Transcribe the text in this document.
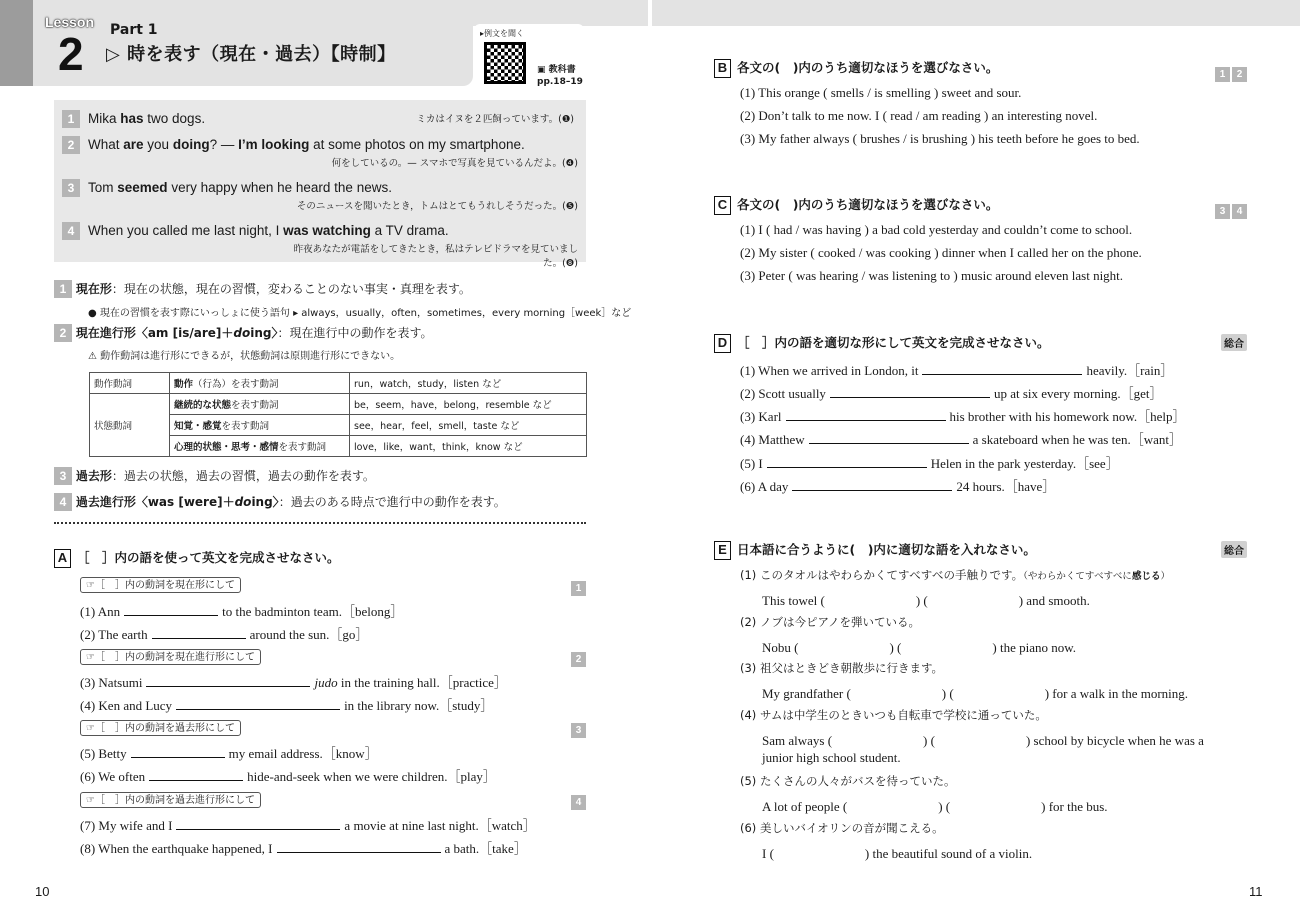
Lesson
2 Part 1
▷ 時を表す（現在・過去）【時制】
▸例文を聞く
▣ 教科書
pp.18–19
1 Mika has two dogs.	ミカはイヌを２匹飼っています。(❶)
2 What are you doing? — I’m looking at some photos on my smartphone.
何をしているの。— スマホで写真を見ているんだよ。(❹)
3 Tom seemed very happy when he heard the news.
そのニュースを聞いたとき，トムはとてもうれしそうだった。(❺)
4 When you called me last night, I was watching a TV drama.
昨夜あなたが電話をしてきたとき，私はテレビドラマを見ていました。(❽)
1 現在形：現在の状態，現在の習慣，変わることのない事実・真理を表す。
● 現在の習慣を表す際にいっしょに使う語句 ▸ always，usually，often，sometimes，every morning［week］など
2 現在進行形〈am [is/are]＋doing〉：現在進行中の動作を表す。
⚠ 動作動詞は進行形にできるが，状態動詞は原則進行形にできない。
動作動詞	動作（行為）を表す動詞	run，watch，study，listen など
状態動詞	継続的な状態を表す動詞	be，seem，have，belong，resemble など
	知覚・感覚を表す動詞	see，hear，feel，smell，taste など
	心理的状態・思考・感情を表す動詞	love，like，want，think，know など
3 過去形：過去の状態，過去の習慣，過去の動作を表す。
4 過去進行形〈was [were]＋doing〉：過去のある時点で進行中の動作を表す。
A ［　］内の語を使って英文を完成させなさい。
☞［　］内の動詞を現在形にして	1
(1) Ann	to the badminton team.［belong］
(2) The earth	around the sun.［go］
☞［　］内の動詞を現在進行形にして	2
(3) Natsumi	judo in the training hall.［practice］
(4) Ken and Lucy	in the library now.［study］
☞［　］内の動詞を過去形にして	3
(5) Betty	my email address.［know］
(6) We often	hide-and-seek when we were children.［play］
☞［　］内の動詞を過去進行形にして	4
(7) My wife and I	a movie at nine last night.［watch］
(8) When the earthquake happened, I	a bath.［take］
B 各文の(　)内のうち適切なほうを選びなさい。	1 2
(1) This orange ( smells / is smelling ) sweet and sour.
(2) Don’t talk to me now. I ( read / am reading ) an interesting novel.
(3) My father always ( brushes / is brushing ) his teeth before he goes to bed.
C 各文の(　)内のうち適切なほうを選びなさい。	3 4
(1) I ( had / was having ) a bad cold yesterday and couldn’t come to school.
(2) My sister ( cooked / was cooking ) dinner when I called her on the phone.
(3) Peter ( was hearing / was listening to ) music around eleven last night.
D ［　］内の語を適切な形にして英文を完成させなさい。	総合
(1) When we arrived in London, it	heavily.［rain］
(2) Scott usually	up at six every morning.［get］
(3) Karl	his brother with his homework now.［help］
(4) Matthew	a skateboard when he was ten.［want］
(5) I	Helen in the park yesterday.［see］
(6) A day	24 hours.［have］
E 日本語に合うように(　)内に適切な語を入れなさい。	総合
(1) このタオルはやわらかくてすべすべの手触りです。（やわらかくてすべすべに感じる）
This towel (　　　　　　　) (　　　　　　　) and smooth.
(2) ノブは今ピアノを弾いている。
Nobu (　　　　　　　) (　　　　　　　) the piano now.
(3) 祖父はときどき朝散歩に行きます。
My grandfather (　　　　　　　) (　　　　　　　) for a walk in the morning.
(4) サムは中学生のときいつも自転車で学校に通っていた。
Sam always (　　　　　　　) (　　　　　　　) school by bicycle when he was a
(5) たくさんの人々がバスを待っていた。
A lot of people (　　　　　　　) (　　　　　　　) for the bus.
(6) 美しいバイオリンの音が聞こえる。
I (　　　　　　　) the beautiful sound of a violin.
junior high school student.
10	11
